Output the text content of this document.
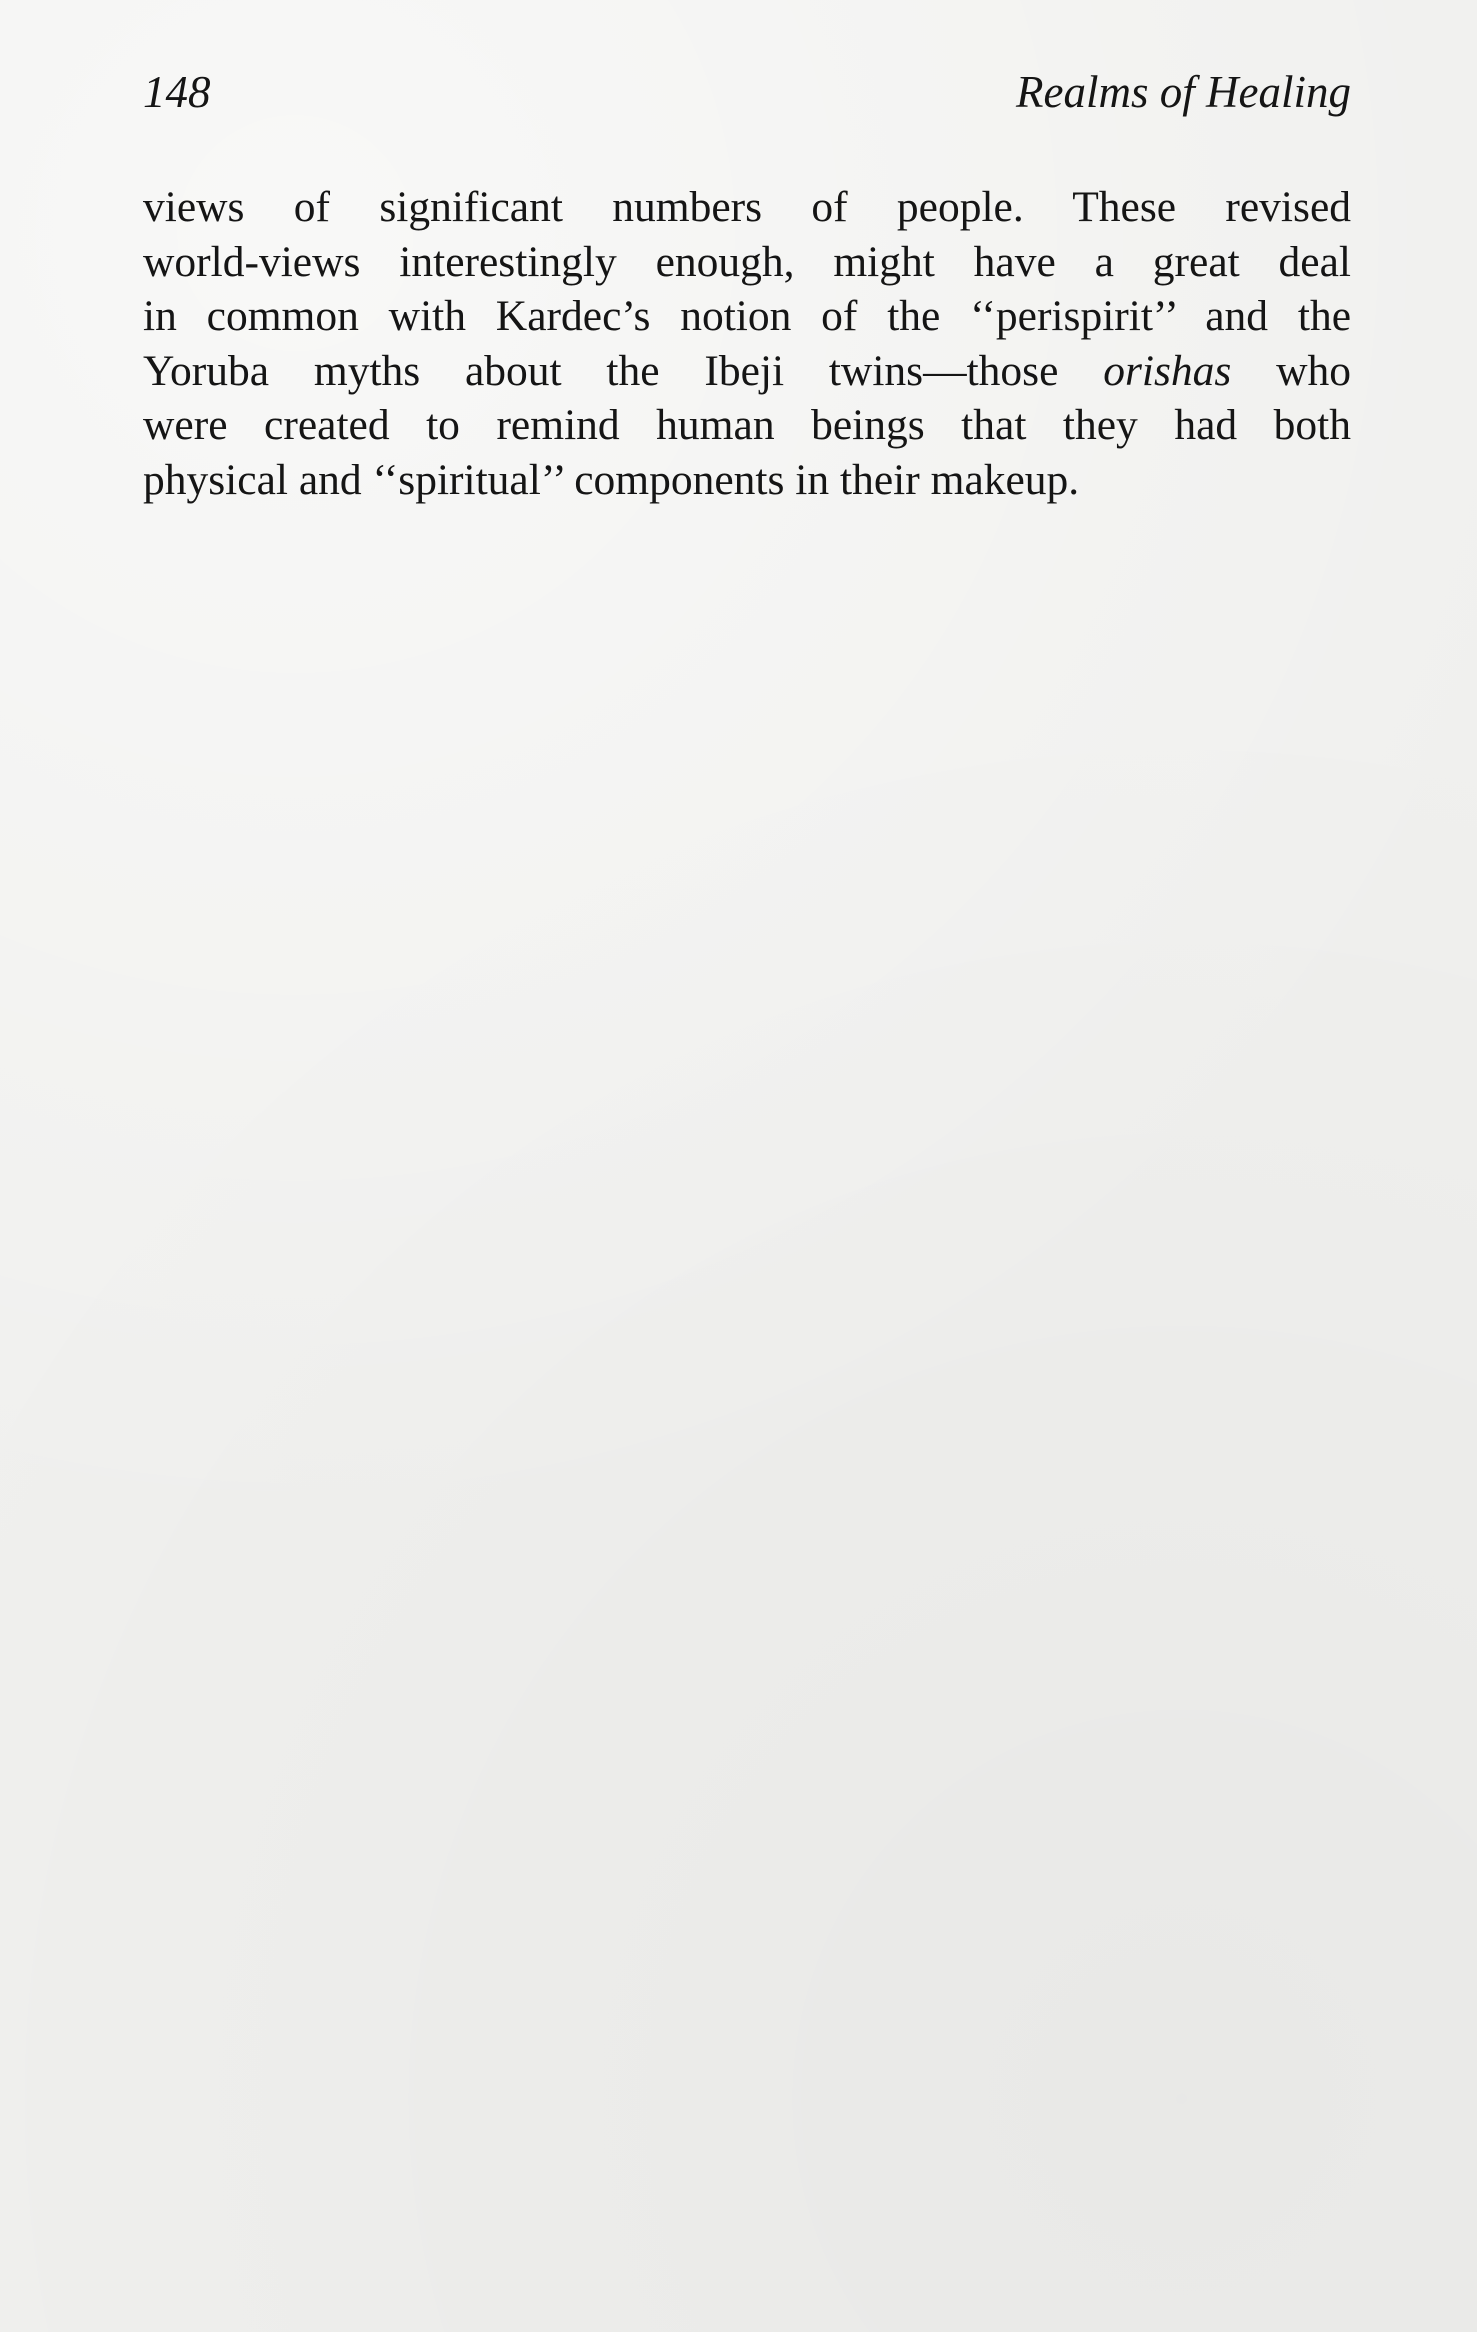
148	Realms of Healing
views of significant numbers of people. These revised
world-views interestingly enough, might have a great deal
in common with Kardec’s notion of the ‘‘perispirit’’ and the
Yoruba myths about the Ibeji twins—those orishas who
were created to remind human beings that they had both
physical and ‘‘spiritual’’ components in their makeup.
